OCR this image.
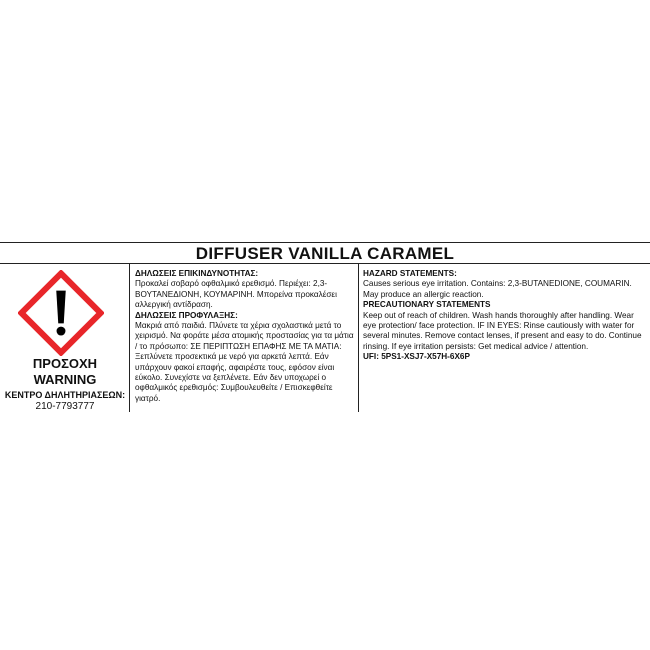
DIFFUSER VANILLA CARAMEL
ΠΡΟΣΟΧΗ
WARNING
ΚΕΝΤΡΟ ΔΗΛΗΤΗΡΙΑΣΕΩΝ:
210-7793777
ΔΗΛΩΣΕΙΣ ΕΠΙΚΙΝΔΥΝΟΤΗΤΑΣ:
Προκαλεί σοβαρό οφθαλμικό ερεθισμό. Περιέχει: 2,3-ΒΟΥΤΑΝΕΔΙΟΝΗ, ΚΟΥΜΑΡΙΝΗ. Μπορείνα προκαλέσει αλλεργική αντίδραση.
ΔΗΛΩΣΕΙΣ ΠΡΟΦΥΛΑΞΗΣ:
Μακριά από παιδιά. Πλύνετε τα χέρια σχολαστικά μετά το χειρισμό. Να φοράτε μέσα ατομικής προστασίας για τα μάτια / το πρόσωπο: ΣΕ ΠΕΡΙΠΤΩΣΗ ΕΠΑΦΗΣ ΜΕ ΤΑ ΜΑΤΙΑ: Ξεπλύνετε προσεκτικά με νερό για αρκετά λεπτά. Εάν υπάρχουν φακοί επαφής, αφαιρέστε τους, εφόσον είναι εύκολο. Συνεχίστε να ξεπλένετε. Εάν δεν υποχωρεί ο οφθαλμικός ερεθισμός: Συμβουλευθείτε / Επισκεφθείτε γιατρό.
HAZARD STATEMENTS:
Causes serious eye irritation. Contains: 2,3-BUTANEDIONE, COUMARIN. May produce an allergic reaction.
PRECAUTIONARY STATEMENTS
Keep out of reach of children. Wash hands thoroughly after handling. Wear eye protection/ face protection. IF IN EYES: Rinse cautiously with water for several minutes. Remove contact lenses, if present and easy to do. Continue rinsing. If eye irritation persists: Get medical advice / attention.
UFI: 5PS1-XSJ7-X57H-6X6P
